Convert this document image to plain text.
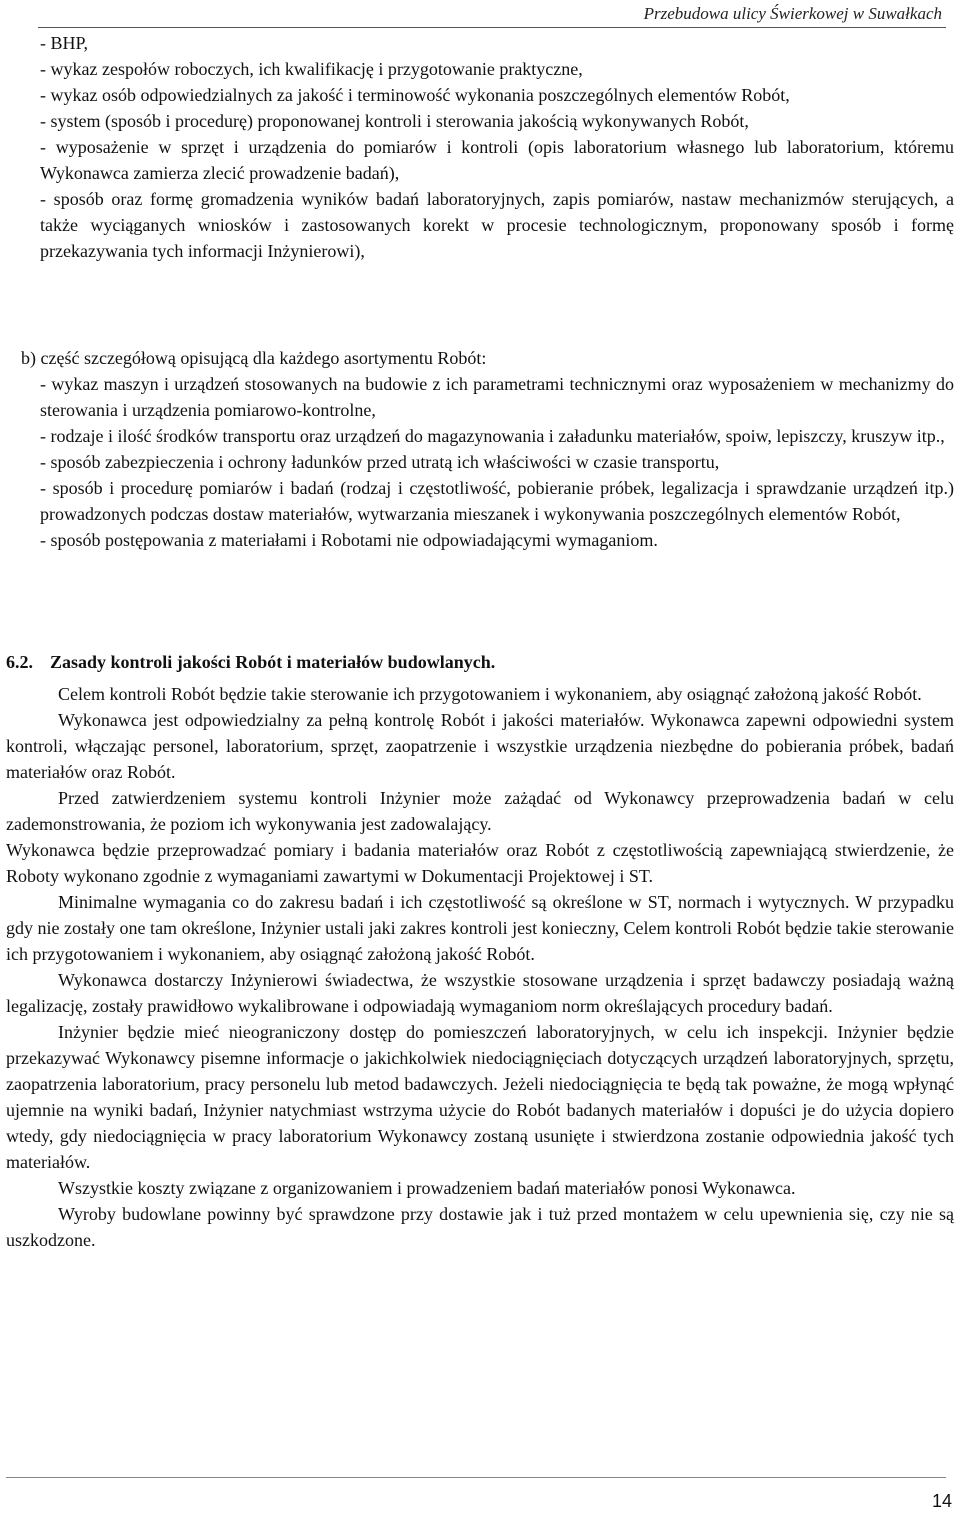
Przebudowa ulicy Świerkowej w Suwałkach

- BHP,

- wykaz zespołów roboczych, ich kwalifikację i przygotowanie praktyczne,

- wykaz osób odpowiedzialnych za jakość i terminowość wykonania poszczególnych elementów Robót,

- system (sposób i procedurę) proponowanej kontroli i sterowania jakością wykonywanych Robót,

- wyposażenie w sprzęt i urządzenia do pomiarów i kontroli (opis laboratorium własnego lub laboratorium, któremu Wykonawca zamierza zlecić prowadzenie badań),

- sposób oraz formę gromadzenia wyników badań laboratoryjnych, zapis pomiarów, nastaw mechanizmów sterujących, a także wyciąganych wniosków i zastosowanych korekt w procesie technologicznym, proponowany sposób i formę przekazywania tych informacji Inżynierowi),

b) część szczegółową opisującą dla każdego asortymentu Robót:

- wykaz maszyn i urządzeń stosowanych na budowie z ich parametrami technicznymi oraz wyposażeniem w mechanizmy do sterowania i urządzenia pomiarowo-kontrolne,

- rodzaje i ilość środków transportu oraz urządzeń do magazynowania i załadunku materiałów, spoiw, lepiszczy, kruszyw itp.,

- sposób zabezpieczenia i ochrony ładunków przed utratą ich właściwości w czasie transportu,

- sposób i procedurę pomiarów i badań (rodzaj i częstotliwość, pobieranie próbek, legalizacja i sprawdzanie urządzeń itp.) prowadzonych podczas dostaw materiałów, wytwarzania mieszanek i wykonywania poszczególnych elementów Robót,

- sposób postępowania z materiałami i Robotami nie odpowiadającymi wymaganiom.

6.2. Zasady kontroli jakości Robót i materiałów budowlanych.

Celem kontroli Robót będzie takie sterowanie ich przygotowaniem i wykonaniem, aby osiągnąć założoną jakość Robót.

Wykonawca jest odpowiedzialny za pełną kontrolę Robót i jakości materiałów. Wykonawca zapewni odpowiedni system kontroli, włączając personel, laboratorium, sprzęt, zaopatrzenie i wszystkie urządzenia niezbędne do pobierania próbek, badań materiałów oraz Robót.

Przed zatwierdzeniem systemu kontroli Inżynier może zażądać od Wykonawcy przeprowadzenia badań w celu zademonstrowania, że poziom ich wykonywania jest zadowalający.

Wykonawca będzie przeprowadzać pomiary i badania materiałów oraz Robót z częstotliwością zapewniającą stwierdzenie, że Roboty wykonano zgodnie z wymaganiami zawartymi w Dokumentacji Projektowej i ST.

Minimalne wymagania co do zakresu badań i ich częstotliwość są określone w ST, normach i wytycznych. W przypadku gdy nie zostały one tam określone, Inżynier ustali jaki zakres kontroli jest konieczny, Celem kontroli Robót będzie takie sterowanie ich przygotowaniem i wykonaniem, aby osiągnąć założoną jakość Robót.

Wykonawca dostarczy Inżynierowi świadectwa, że wszystkie stosowane urządzenia i sprzęt badawczy posiadają ważną legalizację, zostały prawidłowo wykalibrowane i odpowiadają wymaganiom norm określających procedury badań.

Inżynier będzie mieć nieograniczony dostęp do pomieszczeń laboratoryjnych, w celu ich inspekcji. Inżynier będzie przekazywać Wykonawcy pisemne informacje o jakichkolwiek niedociągnięciach dotyczących urządzeń laboratoryjnych, sprzętu, zaopatrzenia laboratorium, pracy personelu lub metod badawczych. Jeżeli niedociągnięcia te będą tak poważne, że mogą wpłynąć ujemnie na wyniki badań, Inżynier natychmiast wstrzyma użycie do Robót badanych materiałów i dopuści je do użycia dopiero wtedy, gdy niedociągnięcia w pracy laboratorium Wykonawcy zostaną usunięte i stwierdzona zostanie odpowiednia jakość tych materiałów.

Wszystkie koszty związane z organizowaniem i prowadzeniem badań materiałów ponosi Wykonawca.

Wyroby budowlane powinny być sprawdzone przy dostawie jak i tuż przed montażem w celu upewnienia się, czy nie są uszkodzone.

14
